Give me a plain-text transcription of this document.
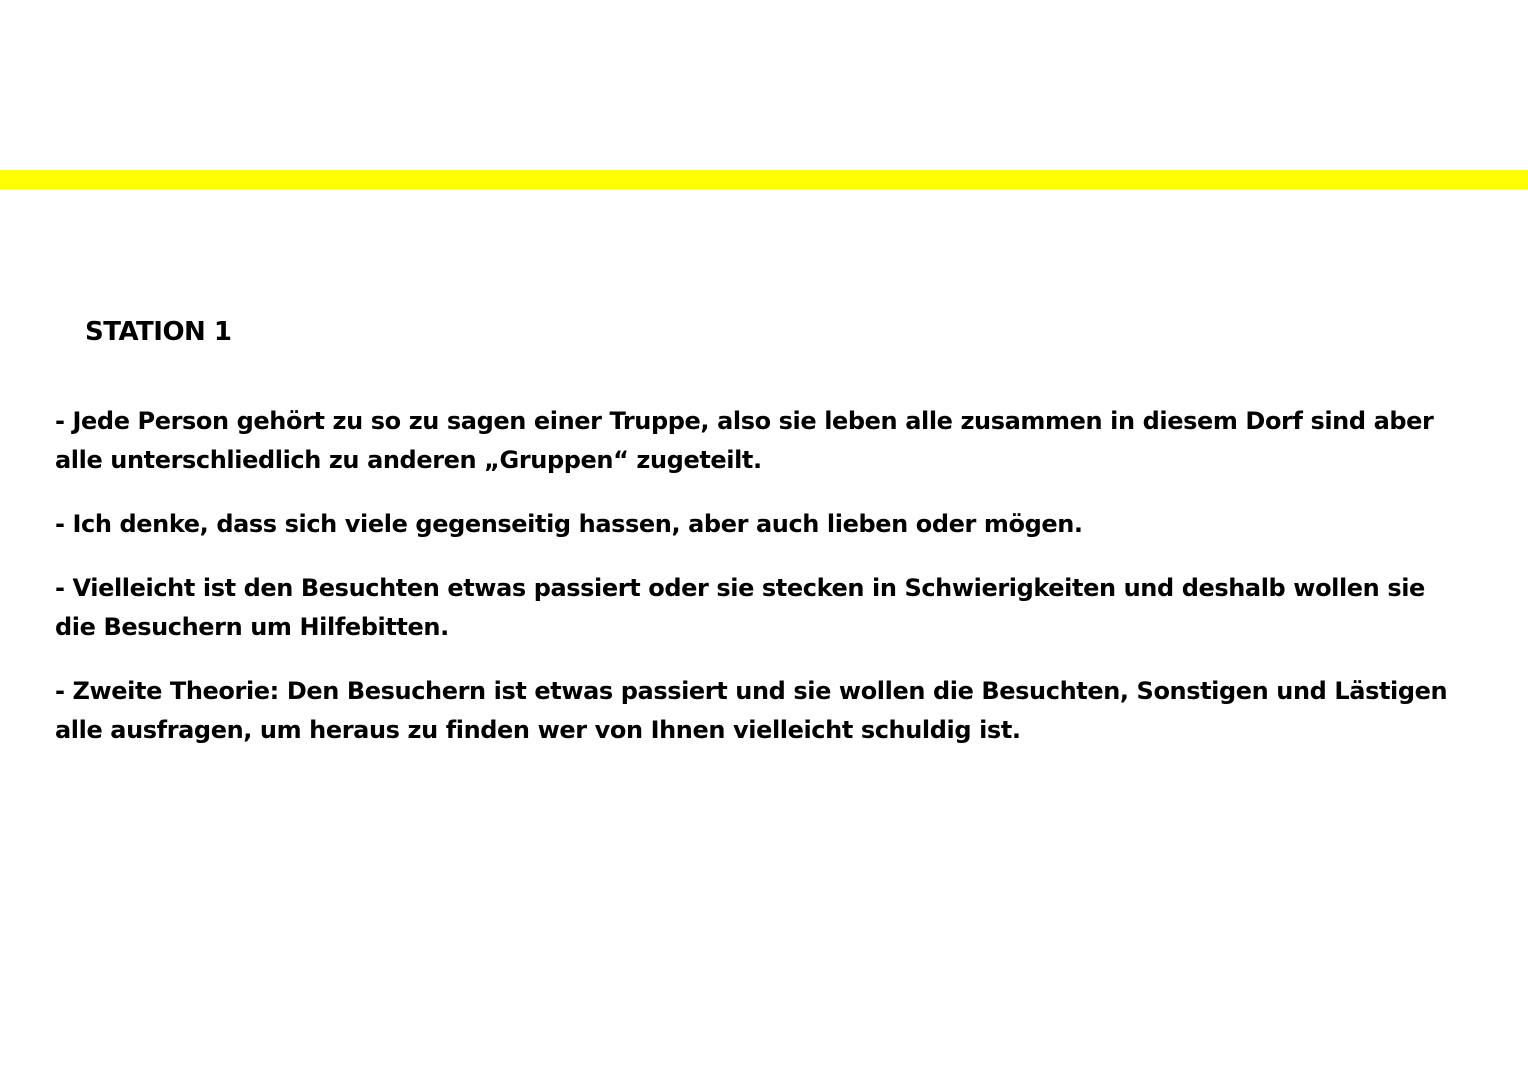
STATION 1
- Jede Person gehört zu so zu sagen einer Truppe, also sie leben alle zusammen in diesem Dorf sind aber alle unterschliedlich zu anderen „Gruppen“ zugeteilt.
- Ich denke, dass sich viele gegenseitig hassen, aber auch lieben oder mögen.
- Vielleicht ist den Besuchten etwas passiert oder sie stecken in Schwierigkeiten und deshalb wollen sie die Besuchern um Hilfebitten.
- Zweite Theorie: Den Besuchern ist etwas passiert und sie wollen die Besuchten, Sonstigen und Lästigen alle ausfragen, um heraus zu finden wer von Ihnen vielleicht schuldig ist.
